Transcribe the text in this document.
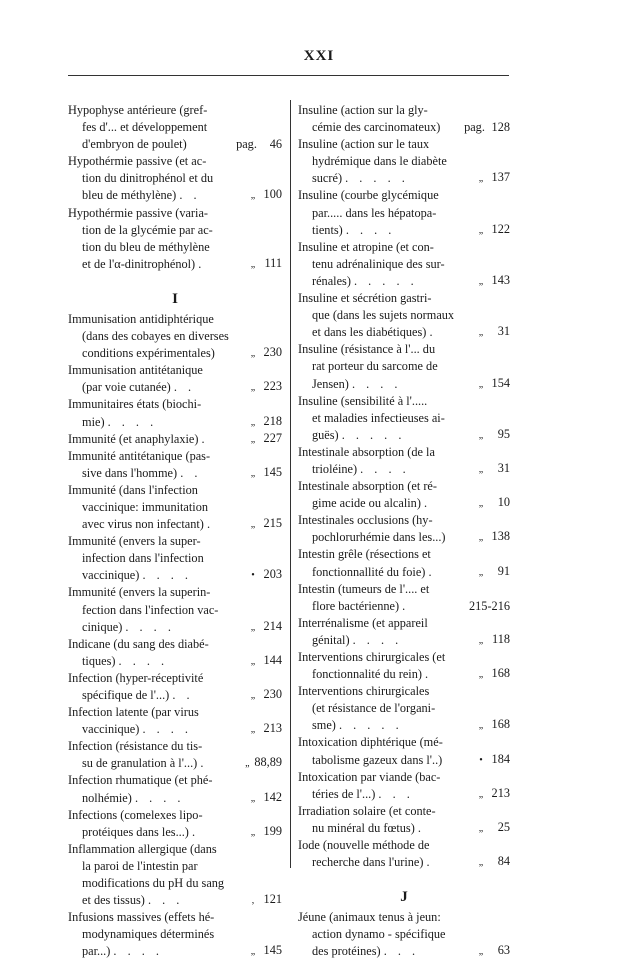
XXI
Hypophyse antérieure (gref-
fes d'... et développement
d'embryon de poulet)	pag. 46
Hypothérmie passive (et ac-
tion du dinitrophénol et du
bleu de méthylène) . .	„ 100
Hypothérmie passive (varia-
tion de la glycémie par ac-
tion du bleu de méthylène
et de l'α-dinitrophénol) .	„ 111
I
Immunisation antidiphtérique
(dans des cobayes en diverses
conditions expérimentales)	„ 230
Immunisation antitétanique
(par voie cutanée) . .	„ 223
Immunitaires états (biochi-
mie) . . . .	„ 218
Immunité (et anaphylaxie) .	„ 227
Immunité antitétanique (pas-
sive dans l'homme) . .	„ 145
Immunité (dans l'infection
vaccinique: immunitation
avec virus non infectant) .	„ 215
Immunité (envers la super-
infection dans l'infection
vaccinique) . . . .	• 203
Immunité (envers la superin-
fection dans l'infection vac-
cinique) . . . .	„ 214
Indicane (du sang des diabé-
tiques) . . . .	„ 144
Infection (hyper-réceptivité
spécifique de l'...) . .	„ 230
Infection latente (par virus
vaccinique) . . . .	„ 213
Infection (résistance du tis-
su de granulation à l'...) .	„ 88,89
Infection rhumatique (et phé-
nolhémie) . . . .	„ 142
Infections (comelexes lipo-
protéiques dans les...) .	„ 199
Inflammation allergique (dans
la paroi de l'intestin par
modifications du pH du sang
et des tissus) . . .	, 121
Infusions massives (effets hé-
modynamiques déterminés
par...) . . . .	„ 145
Insuline (action sur la gly-
cémie des carcinomateux)	pag. 128
Insuline (action sur le taux
hydrémique dans le diabète
sucré) . . . . .	„ 137
Insuline (courbe glycémique
par..... dans les hépatopa-
tients) . . . .	„ 122
Insuline et atropine (et con-
tenu adrénalinique des sur-
rénales) . . . . .	„ 143
Insuline et sécrétion gastri-
que (dans les sujets normaux
et dans les diabétiques) .	„ 31
Insuline (résistance à l'... du
rat porteur du sarcome de
Jensen) . . . .	„ 154
Insuline (sensibilité à l'.....
et maladies infectieuses ai-
guës) . . . . .	„ 95
Intestinale absorption (de la
trioléine) . . . .	„ 31
Intestinale absorption (et ré-
gime acide ou alcalin) .	„ 10
Intestinales occlusions (hy-
pochlorurhémie dans les...)	„ 138
Intestin grêle (résections et
fonctionnallité du foie) .	„ 91
Intestin (tumeurs de l'.... et
flore bactérienne) .	215-216
Interrénalisme (et appareil
génital) . . . .	„ 118
Interventions chirurgicales (et
fonctionnalité du rein) .	„ 168
Interventions chirurgicales
(et résistance de l'organi-
sme) . . . . .	„ 168
Intoxication diphtérique (mé-
tabolisme gazeux dans l'..)	• 184
Intoxication par viande (bac-
téries de l'...) . . .	„ 213
Irradiation solaire (et conte-
nu minéral du fœtus) .	„ 25
Iode (nouvelle méthode de
recherche dans l'urine) .	„ 84
J
Jéune (animaux tenus à jeun:
action dynamo - spécifique
des protéines) . . .	„ 63
